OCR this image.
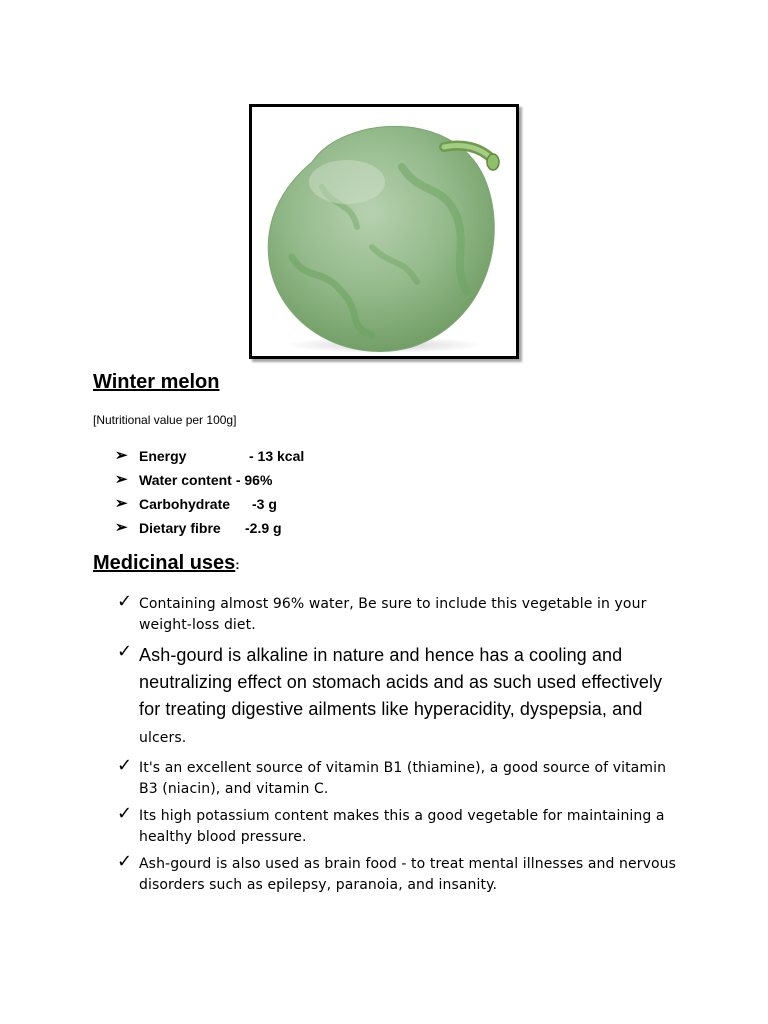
Winter melon
[Nutritional value per 100g]
➢ Energy	- 13 kcal
➢ Water content - 96%
➢ Carbohydrate	-3 g
➢ Dietary fibre	-2.9 g
Medicinal uses:
✓ Containing almost 96% water, Be sure to include this vegetable in your weight-loss diet.
✓ Ash-gourd is alkaline in nature and hence has a cooling and neutralizing effect on stomach acids and as such used effectively for treating digestive ailments like hyperacidity, dyspepsia, and ulcers.
✓ It's an excellent source of vitamin B1 (thiamine), a good source of vitamin B3 (niacin), and vitamin C.
✓ Its high potassium content makes this a good vegetable for maintaining a healthy blood pressure.
✓ Ash-gourd is also used as brain food - to treat mental illnesses and nervous disorders such as epilepsy, paranoia, and insanity.
